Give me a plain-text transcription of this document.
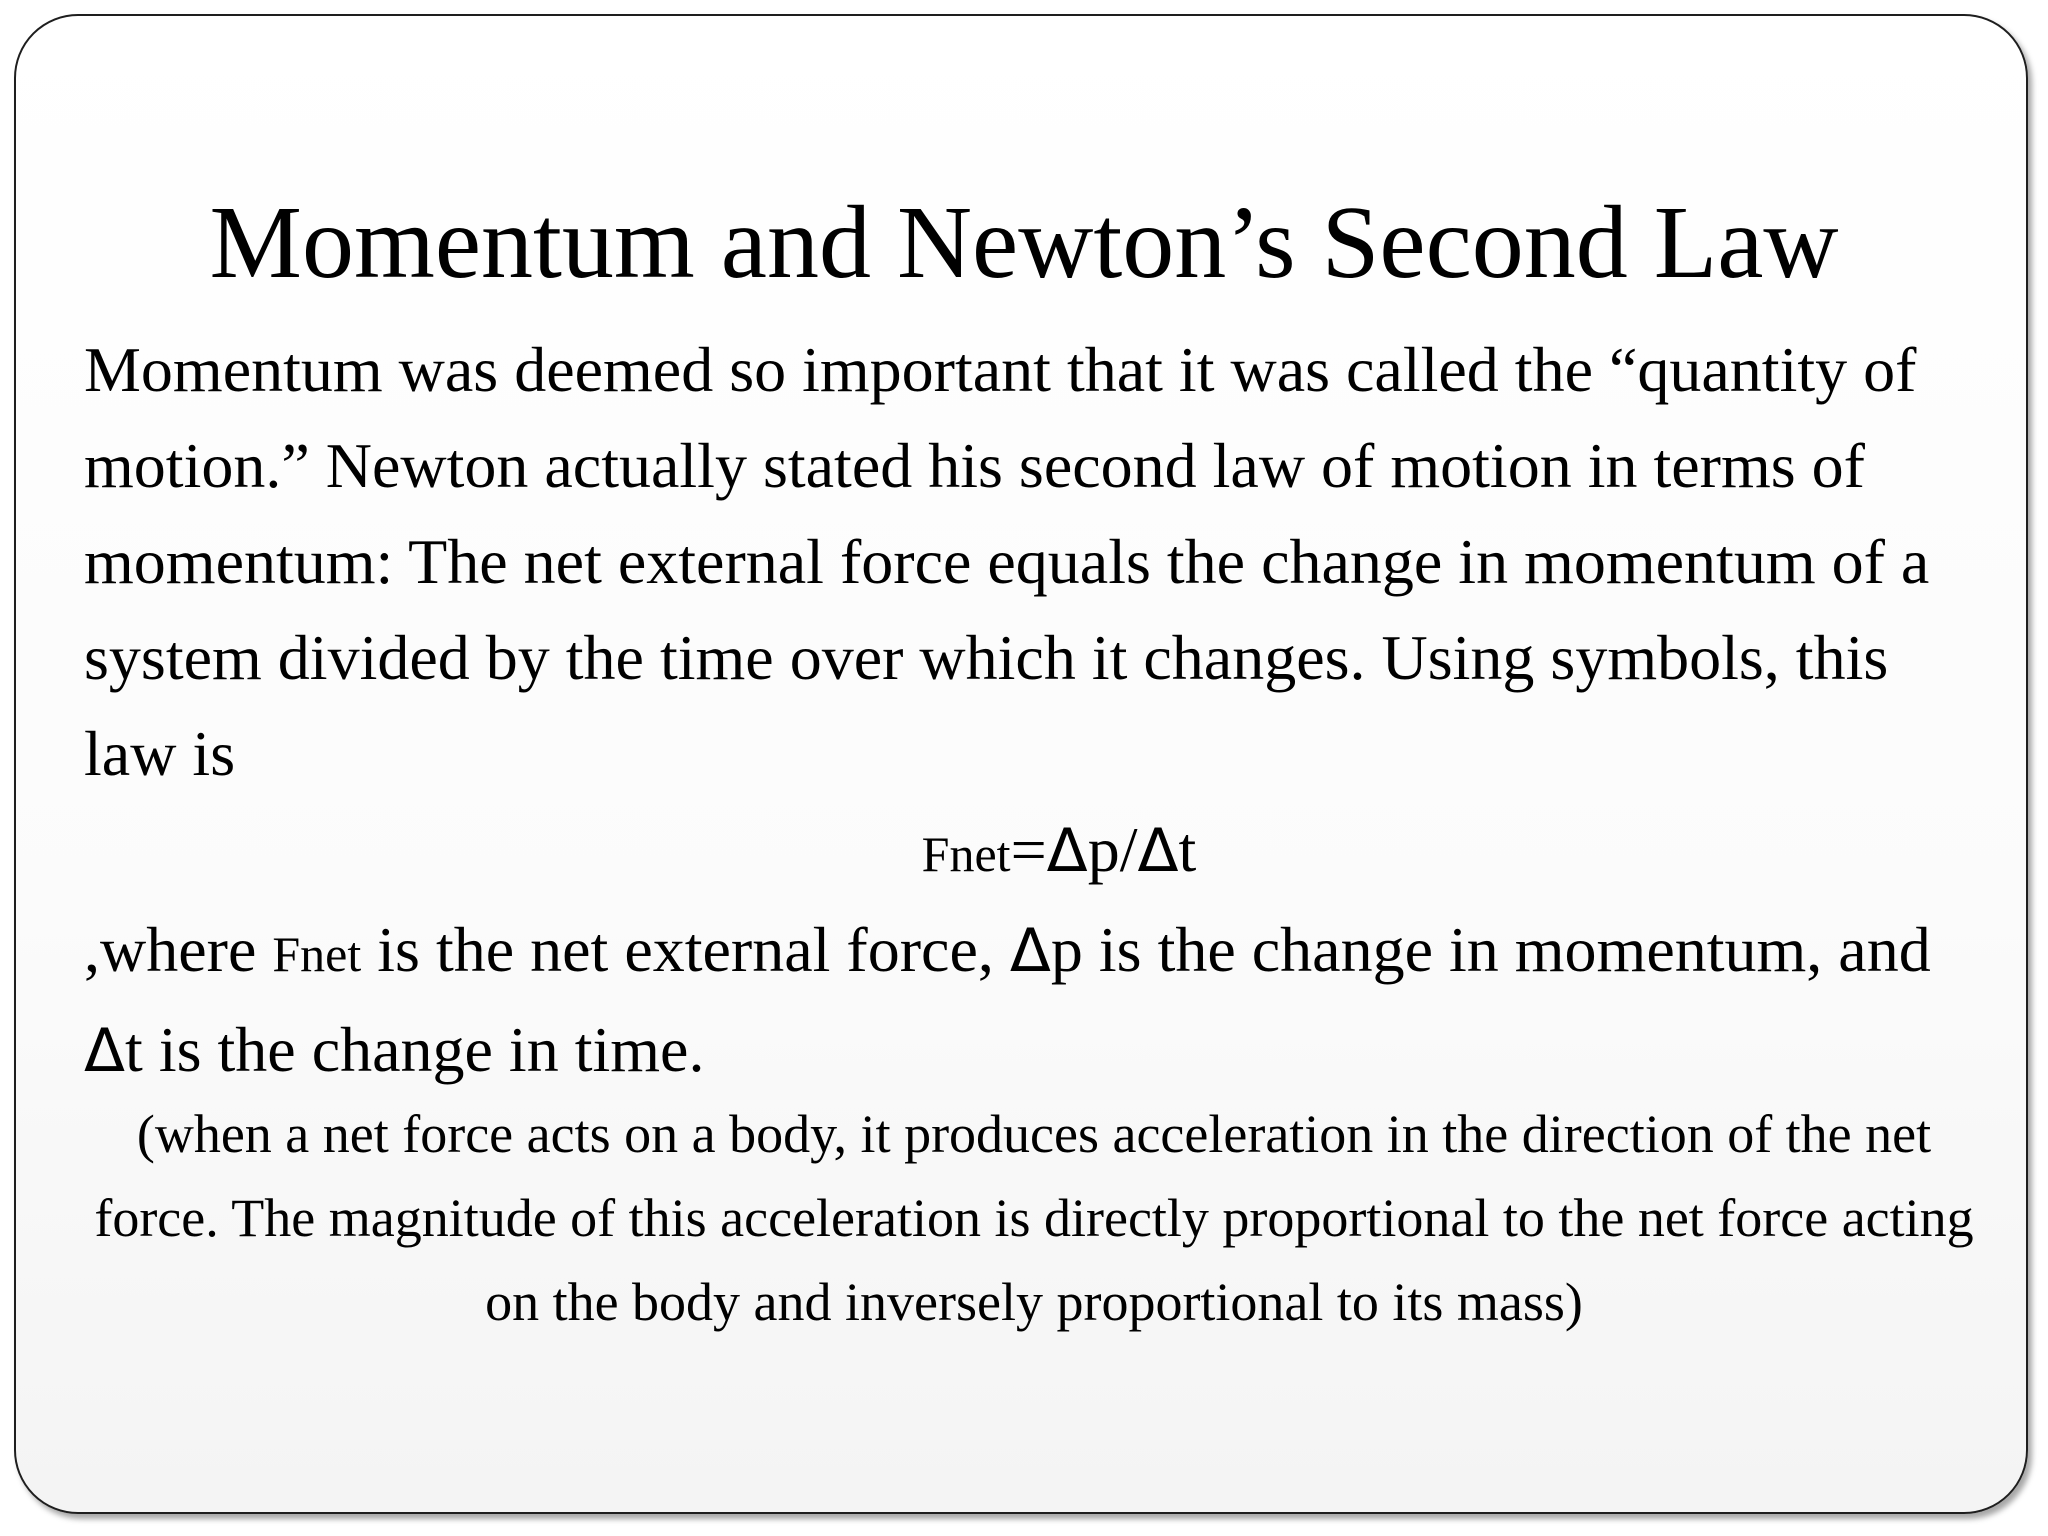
Momentum and Newton’s Second Law

Momentum was deemed so important that it was called the “quantity of motion.” Newton actually stated his second law of motion in terms of momentum: The net external force equals the change in momentum of a system divided by the time over which it changes. Using symbols, this law is

Fnet=Δp/Δt

,where Fnet is the net external force, Δp is the change in momentum, and Δt is the change in time.

(when a net force acts on a body, it produces acceleration in the direction of the net force. The magnitude of this acceleration is directly proportional to the net force acting on the body and inversely proportional to its mass)
